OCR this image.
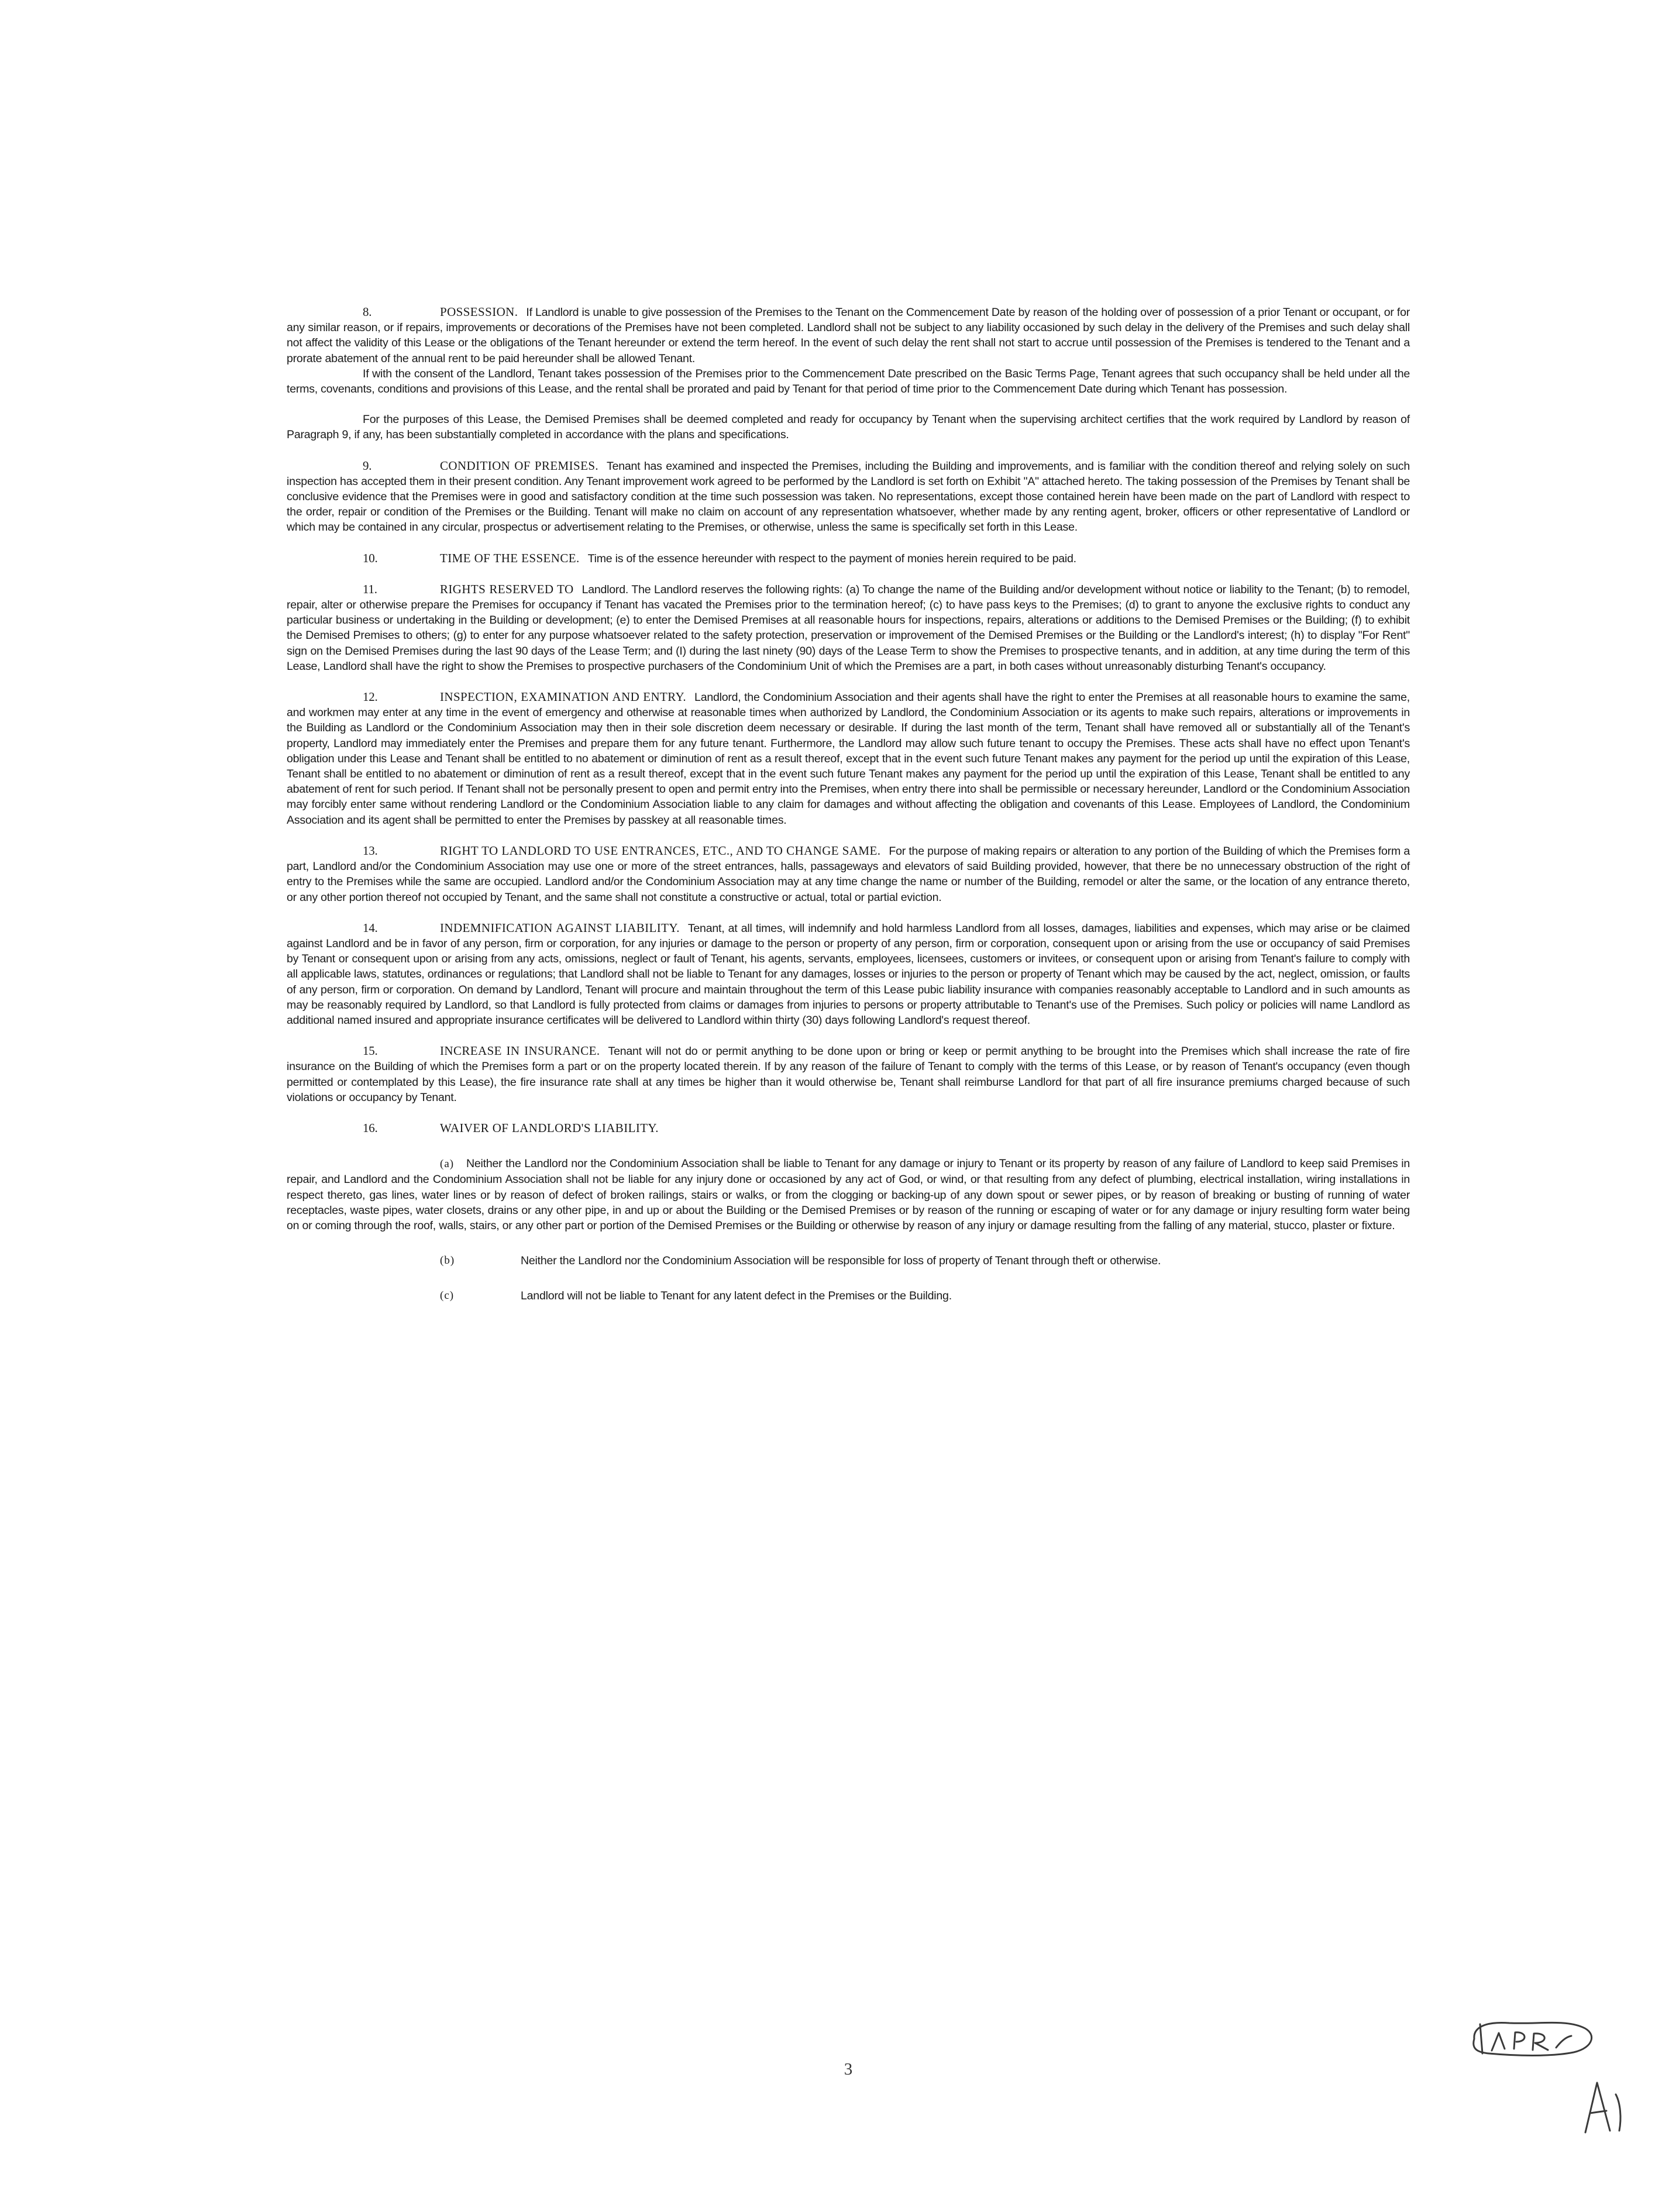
8.	POSSESSION. If Landlord is unable to give possession of the Premises to the Tenant on the Commencement Date by reason of the holding over of possession of a prior Tenant or occupant, or for any similar reason, or if repairs, improvements or decorations of the Premises have not been completed. Landlord shall not be subject to any liability occasioned by such delay in the delivery of the Premises and such delay shall not affect the validity of this Lease or the obligations of the Tenant hereunder or extend the term hereof. In the event of such delay the rent shall not start to accrue until possession of the Premises is tendered to the Tenant and a prorate abatement of the annual rent to be paid hereunder shall be allowed Tenant.

If with the consent of the Landlord, Tenant takes possession of the Premises prior to the Commencement Date prescribed on the Basic Terms Page, Tenant agrees that such occupancy shall be held under all the terms, covenants, conditions and provisions of this Lease, and the rental shall be prorated and paid by Tenant for that period of time prior to the Commencement Date during which Tenant has possession.

For the purposes of this Lease, the Demised Premises shall be deemed completed and ready for occupancy by Tenant when the supervising architect certifies that the work required by Landlord by reason of Paragraph 9, if any, has been substantially completed in accordance with the plans and specifications.

9.	CONDITION OF PREMISES. Tenant has examined and inspected the Premises, including the Building and improvements, and is familiar with the condition thereof and relying solely on such inspection has accepted them in their present condition. Any Tenant improvement work agreed to be performed by the Landlord is set forth on Exhibit "A" attached hereto. The taking possession of the Premises by Tenant shall be conclusive evidence that the Premises were in good and satisfactory condition at the time such possession was taken. No representations, except those contained herein have been made on the part of Landlord with respect to the order, repair or condition of the Premises or the Building. Tenant will make no claim on account of any representation whatsoever, whether made by any renting agent, broker, officers or other representative of Landlord or which may be contained in any circular, prospectus or advertisement relating to the Premises, or otherwise, unless the same is specifically set forth in this Lease.

10.	TIME OF THE ESSENCE. Time is of the essence hereunder with respect to the payment of monies herein required to be paid.

11.	RIGHTS RESERVED TO Landlord. The Landlord reserves the following rights: (a) To change the name of the Building and/or development without notice or liability to the Tenant; (b) to remodel, repair, alter or otherwise prepare the Premises for occupancy if Tenant has vacated the Premises prior to the termination hereof; (c) to have pass keys to the Premises; (d) to grant to anyone the exclusive rights to conduct any particular business or undertaking in the Building or development; (e) to enter the Demised Premises at all reasonable hours for inspections, repairs, alterations or additions to the Demised Premises or the Building; (f) to exhibit the Demised Premises to others; (g) to enter for any purpose whatsoever related to the safety protection, preservation or improvement of the Demised Premises or the Building or the Landlord's interest; (h) to display "For Rent" sign on the Demised Premises during the last 90 days of the Lease Term; and (I) during the last ninety (90) days of the Lease Term to show the Premises to prospective tenants, and in addition, at any time during the term of this Lease, Landlord shall have the right to show the Premises to prospective purchasers of the Condominium Unit of which the Premises are a part, in both cases without unreasonably disturbing Tenant's occupancy.

12.	INSPECTION, EXAMINATION AND ENTRY. Landlord, the Condominium Association and their agents shall have the right to enter the Premises at all reasonable hours to examine the same, and workmen may enter at any time in the event of emergency and otherwise at reasonable times when authorized by Landlord, the Condominium Association or its agents to make such repairs, alterations or improvements in the Building as Landlord or the Condominium Association may then in their sole discretion deem necessary or desirable. If during the last month of the term, Tenant shall have removed all or substantially all of the Tenant's property, Landlord may immediately enter the Premises and prepare them for any future tenant. Furthermore, the Landlord may allow such future tenant to occupy the Premises. These acts shall have no effect upon Tenant's obligation under this Lease and Tenant shall be entitled to no abatement or diminution of rent as a result thereof, except that in the event such future Tenant makes any payment for the period up until the expiration of this Lease, Tenant shall be entitled to no abatement or diminution of rent as a result thereof, except that in the event such future Tenant makes any payment for the period up until the expiration of this Lease, Tenant shall be entitled to any abatement of rent for such period. If Tenant shall not be personally present to open and permit entry into the Premises, when entry there into shall be permissible or necessary hereunder, Landlord or the Condominium Association may forcibly enter same without rendering Landlord or the Condominium Association liable to any claim for damages and without affecting the obligation and covenants of this Lease. Employees of Landlord, the Condominium Association and its agent shall be permitted to enter the Premises by passkey at all reasonable times.

13.	RIGHT TO LANDLORD TO USE ENTRANCES, ETC., AND TO CHANGE SAME. For the purpose of making repairs or alteration to any portion of the Building of which the Premises form a part, Landlord and/or the Condominium Association may use one or more of the street entrances, halls, passageways and elevators of said Building provided, however, that there be no unnecessary obstruction of the right of entry to the Premises while the same are occupied. Landlord and/or the Condominium Association may at any time change the name or number of the Building, remodel or alter the same, or the location of any entrance thereto, or any other portion thereof not occupied by Tenant, and the same shall not constitute a constructive or actual, total or partial eviction.

14.	INDEMNIFICATION AGAINST LIABILITY. Tenant, at all times, will indemnify and hold harmless Landlord from all losses, damages, liabilities and expenses, which may arise or be claimed against Landlord and be in favor of any person, firm or corporation, for any injuries or damage to the person or property of any person, firm or corporation, consequent upon or arising from the use or occupancy of said Premises by Tenant or consequent upon or arising from any acts, omissions, neglect or fault of Tenant, his agents, servants, employees, licensees, customers or invitees, or consequent upon or arising from Tenant's failure to comply with all applicable laws, statutes, ordinances or regulations; that Landlord shall not be liable to Tenant for any damages, losses or injuries to the person or property of Tenant which may be caused by the act, neglect, omission, or faults of any person, firm or corporation. On demand by Landlord, Tenant will procure and maintain throughout the term of this Lease pubic liability insurance with companies reasonably acceptable to Landlord and in such amounts as may be reasonably required by Landlord, so that Landlord is fully protected from claims or damages from injuries to persons or property attributable to Tenant's use of the Premises. Such policy or policies will name Landlord as additional named insured and appropriate insurance certificates will be delivered to Landlord within thirty (30) days following Landlord's request thereof.

15.	INCREASE IN INSURANCE. Tenant will not do or permit anything to be done upon or bring or keep or permit anything to be brought into the Premises which shall increase the rate of fire insurance on the Building of which the Premises form a part or on the property located therein. If by any reason of the failure of Tenant to comply with the terms of this Lease, or by reason of Tenant's occupancy (even though permitted or contemplated by this Lease), the fire insurance rate shall at any times be higher than it would otherwise be, Tenant shall reimburse Landlord for that part of all fire insurance premiums charged because of such violations or occupancy by Tenant.

16.	WAIVER OF LANDLORD'S LIABILITY.

(a) Neither the Landlord nor the Condominium Association shall be liable to Tenant for any damage or injury to Tenant or its property by reason of any failure of Landlord to keep said Premises in repair, and Landlord and the Condominium Association shall not be liable for any injury done or occasioned by any act of God, or wind, or that resulting from any defect of plumbing, electrical installation, wiring installations in respect thereto, gas lines, water lines or by reason of defect of broken railings, stairs or walks, or from the clogging or backing-up of any down spout or sewer pipes, or by reason of breaking or busting of running of water receptacles, waste pipes, water closets, drains or any other pipe, in and up or about the Building or the Demised Premises or by reason of the running or escaping of water or for any damage or injury resulting form water being on or coming through the roof, walls, stairs, or any other part or portion of the Demised Premises or the Building or otherwise by reason of any injury or damage resulting from the falling of any material, stucco, plaster or fixture.

(b)	Neither the Landlord nor the Condominium Association will be responsible for loss of property of Tenant through theft or otherwise.

(c)	Landlord will not be liable to Tenant for any latent defect in the Premises or the Building.

3
